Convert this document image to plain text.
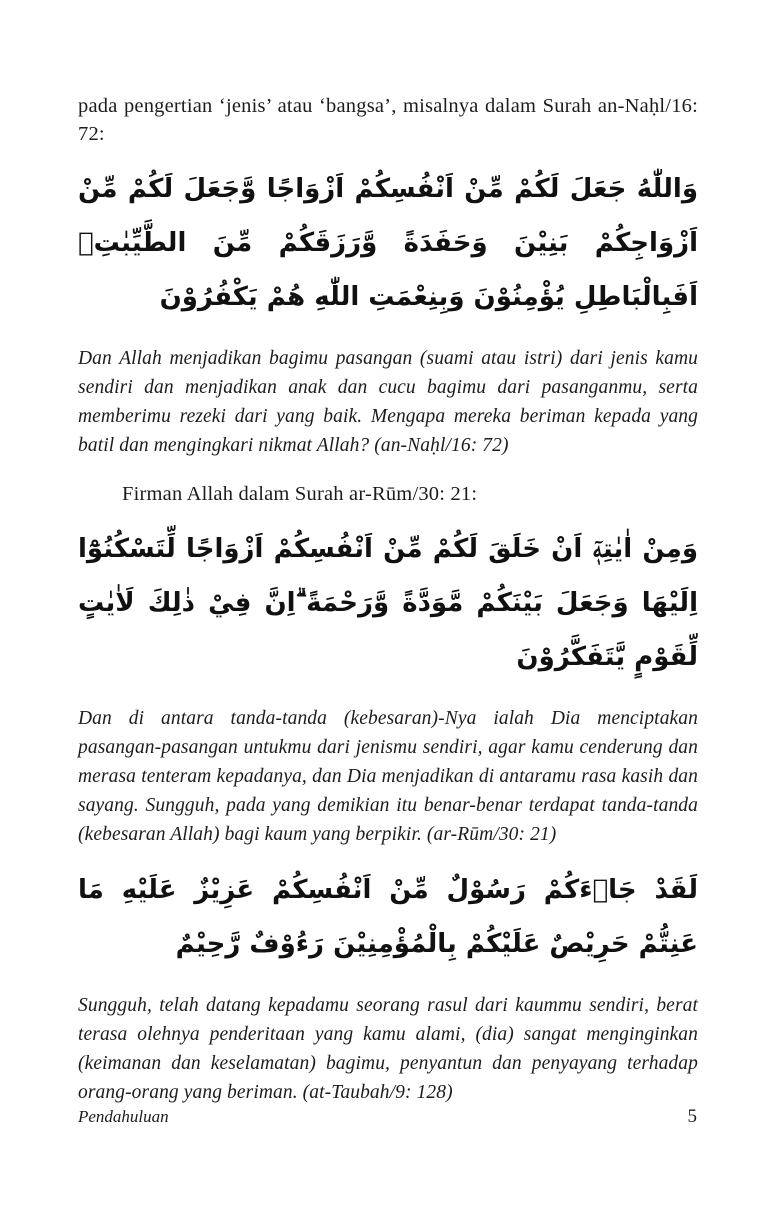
pada pengertian ‘jenis’ atau ‘bangsa’, misalnya dalam Surah an-Naḥl/16: 72:

وَاللّٰهُ جَعَلَ لَكُمْ مِّنْ اَنْفُسِكُمْ اَزْوَاجًا وَّجَعَلَ لَكُمْ مِّنْ اَزْوَاجِكُمْ بَنِيْنَ وَحَفَدَةً وَّرَزَقَكُمْ مِّنَ الطَّيِّبٰتِۗ اَفَبِالْبَاطِلِ يُؤْمِنُوْنَ وَبِنِعْمَتِ اللّٰهِ هُمْ يَكْفُرُوْنَ

Dan Allah menjadikan bagimu pasangan (suami atau istri) dari jenis kamu sendiri dan menjadikan anak dan cucu bagimu dari pasanganmu, serta memberimu rezeki dari yang baik. Mengapa mereka beriman kepada yang batil dan mengingkari nikmat Allah? (an-Naḥl/16: 72)

Firman Allah dalam Surah ar-Rūm/30: 21:

وَمِنْ اٰيٰتِهٖٓ اَنْ خَلَقَ لَكُمْ مِّنْ اَنْفُسِكُمْ اَزْوَاجًا لِّتَسْكُنُوْٓا اِلَيْهَا وَجَعَلَ بَيْنَكُمْ مَّوَدَّةً وَّرَحْمَةً ۗاِنَّ فِيْ ذٰلِكَ لَاٰيٰتٍ لِّقَوْمٍ يَّتَفَكَّرُوْنَ

Dan di antara tanda-tanda (kebesaran)-Nya ialah Dia menciptakan pasangan-pasangan untukmu dari jenismu sendiri, agar kamu cenderung dan merasa tenteram kepadanya, dan Dia menjadikan di antaramu rasa kasih dan sayang. Sungguh, pada yang demikian itu benar-benar terdapat tanda-tanda (kebesaran Allah) bagi kaum yang berpikir. (ar-Rūm/30: 21)

لَقَدْ جَاۤءَكُمْ رَسُوْلٌ مِّنْ اَنْفُسِكُمْ عَزِيْزٌ عَلَيْهِ مَا عَنِتُّمْ حَرِيْصٌ عَلَيْكُمْ بِالْمُؤْمِنِيْنَ رَءُوْفٌ رَّحِيْمٌ

Sungguh, telah datang kepadamu seorang rasul dari kaummu sendiri, berat terasa olehnya penderitaan yang kamu alami, (dia) sangat menginginkan (keimanan dan keselamatan) bagimu, penyantun dan penyayang terhadap orang-orang yang beriman. (at-Taubah/9: 128)

Pendahuluan	5
